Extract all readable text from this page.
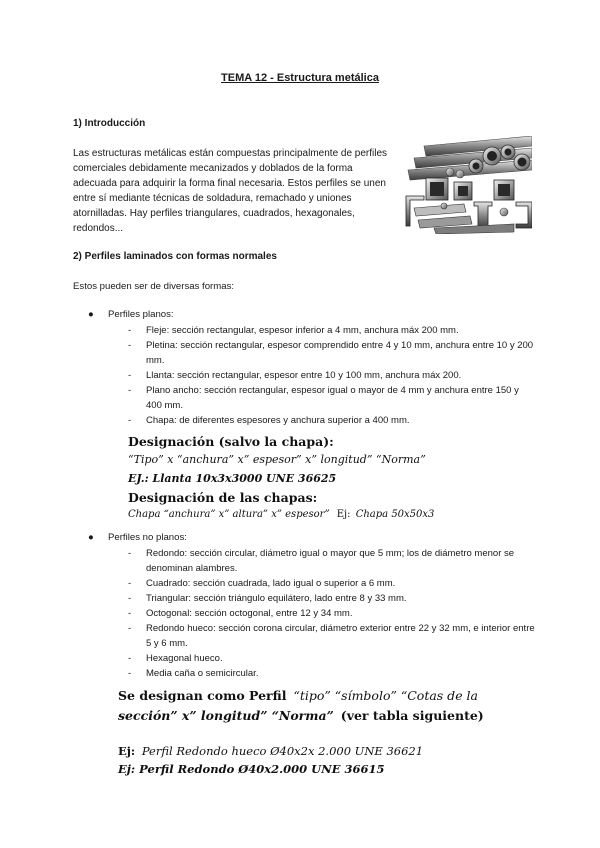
TEMA 12 - Estructura metálica
1) Introducción
Las estructuras metálicas están compuestas principalmente de perfiles comerciales debidamente mecanizados y doblados de la forma adecuada para adquirir la forma final necesaria. Estos perfiles se unen entre sí mediante técnicas de soldadura, remachado y uniones atornilladas. Hay perfiles triangulares, cuadrados, hexagonales, redondos...
2) Perfiles laminados con formas normales
Estos pueden ser de diversas formas:
● Perfiles planos:
- Fleje: sección rectangular, espesor inferior a 4 mm, anchura máx 200 mm.
- Pletina: sección rectangular, espesor comprendido entre 4 y 10 mm, anchura entre 10 y 200 mm.
- Llanta: sección rectangular, espesor entre 10 y 100 mm, anchura máx 200.
- Plano ancho: sección rectangular, espesor igual o mayor de 4 mm y anchura entre 150 y 400 mm.
- Chapa: de diferentes espesores y anchura superior a 400 mm.
Designación (salvo la chapa):
“Tipo” x “anchura” x” espesor” x” longitud” “Norma”
EJ.: Llanta 10x3x3000 UNE 36625
Designación de las chapas:
Chapa “anchura” x” altura” x” espesor” Ej: Chapa 50x50x3
● Perfiles no planos:
- Redondo: sección circular, diámetro igual o mayor que 5 mm; los de diámetro menor se denominan alambres.
- Cuadrado: sección cuadrada, lado igual o superior a 6 mm.
- Triangular: sección triángulo equilátero, lado entre 8 y 33 mm.
- Octogonal: sección octogonal, entre 12 y 34 mm.
- Redondo hueco: sección corona circular, diámetro exterior entre 22 y 32 mm, e interior entre 5 y 6 mm.
- Hexagonal hueco.
- Media caña o semicircular.
Se designan como Perfil “tipo” “símbolo” “Cotas de la
sección” x” longitud” “Norma” (ver tabla siguiente)
Ej: Perfil Redondo hueco Ø40x2x 2.000 UNE 36621
Ej: Perfil Redondo Ø40x2.000 UNE 36615
